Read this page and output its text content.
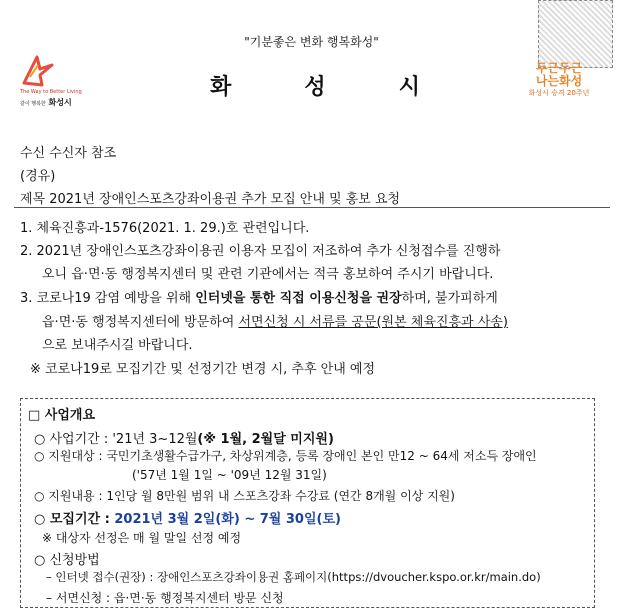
"기분좋은 변화 행복화성"
The Way to Better Living
같이 행복한 화성시
화	성	시
두근두근
나는화성
화성시 승격 20주년
수신 수신자 참조
(경유)
제목 2021년 장애인스포츠강좌이용권 추가 모집 안내 및 홍보 요청
1. 체육진흥과-1576(2021. 1. 29.)호 관련입니다.
2. 2021년 장애인스포츠강좌이용권 이용자 모집이 저조하여 추가 신청접수를 진행하
오니 읍·면·동 행정복지센터 및 관련 기관에서는 적극 홍보하여 주시기 바랍니다.
3. 코로나19 감염 예방을 위해 인터넷을 통한 직접 이용신청을 권장하며, 불가피하게
읍·면·동 행정복지센터에 방문하여 서면신청 시 서류를 공문(원본 체육진흥과 사송)
으로 보내주시길 바랍니다.
※ 코로나19로 모집기간 및 선정기간 변경 시, 추후 안내 예정
□ 사업개요
○ 사업기간 : '21년 3~12월(※ 1월, 2월달 미지원)
○ 지원대상 : 국민기초생활수급가구, 차상위계층, 등록 장애인 본인 만12 ~ 64세 저소득 장애인
('57년 1월 1일 ~ '09년 12월 31일)
○ 지원내용 : 1인당 월 8만원 범위 내 스포츠강좌 수강료 (연간 8개월 이상 지원)
○ 모집기간 : 2021년 3월 2일(화) ~ 7월 30일(토)
※ 대상자 선정은 매 월 말일 선정 예정
○ 신청방법
– 인터넷 접수(권장) : 장애인스포츠강좌이용권 홈페이지(https://dvoucher.kspo.or.kr/main.do)
– 서면신청 : 읍·면·동 행정복지센터 방문 신청
